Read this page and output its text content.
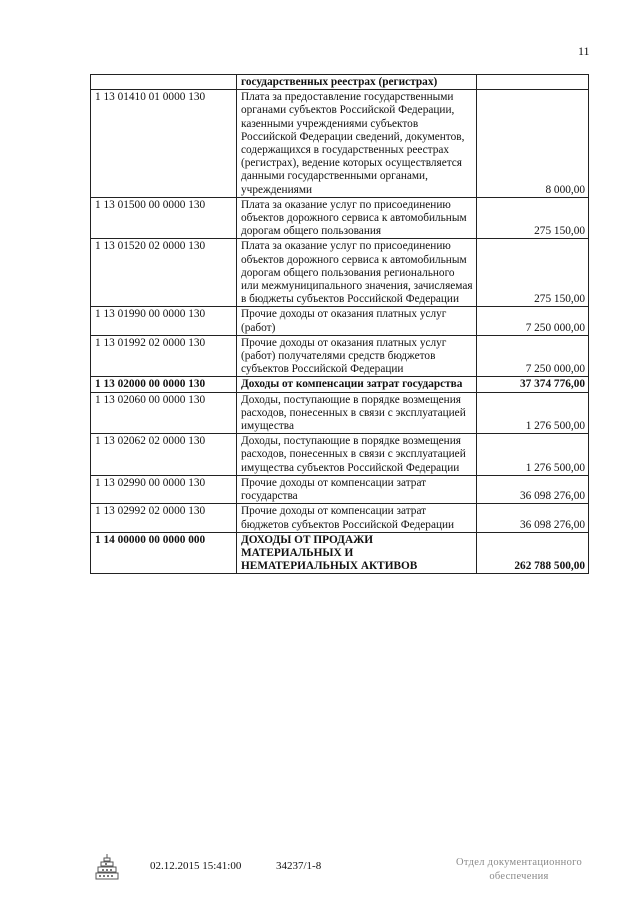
11
	государственных реестрах (регистрах)	
1 13 01410 01 0000 130	Плата за предоставление государственными органами субъектов Российской Федерации, казенными учреждениями субъектов Российской Федерации сведений, документов, содержащихся в государственных реестрах (регистрах), ведение которых осуществляется данными государственными органами, учреждениями	8 000,00
1 13 01500 00 0000 130	Плата за оказание услуг по присоединению объектов дорожного сервиса к автомобильным дорогам общего пользования	275 150,00
1 13 01520 02 0000 130	Плата за оказание услуг по присоединению объектов дорожного сервиса к автомобильным дорогам общего пользования регионального или межмуниципального значения, зачисляемая в бюджеты субъектов Российской Федерации	275 150,00
1 13 01990 00 0000 130	Прочие доходы от оказания платных услуг (работ)	7 250 000,00
1 13 01992 02 0000 130	Прочие доходы от оказания платных услуг (работ) получателями средств бюджетов субъектов Российской Федерации	7 250 000,00
1 13 02000 00 0000 130	Доходы от компенсации затрат государства	37 374 776,00
1 13 02060 00 0000 130	Доходы, поступающие в порядке возмещения расходов, понесенных в связи с эксплуатацией имущества	1 276 500,00
1 13 02062 02 0000 130	Доходы, поступающие в порядке возмещения расходов, понесенных в связи с эксплуатацией имущества субъектов Российской Федерации	1 276 500,00
1 13 02990 00 0000 130	Прочие доходы от компенсации затрат государства	36 098 276,00
1 13 02992 02 0000 130	Прочие доходы от компенсации затрат бюджетов субъектов Российской Федерации	36 098 276,00
1 14 00000 00 0000 000	ДОХОДЫ ОТ ПРОДАЖИ МАТЕРИАЛЬНЫХ И НЕМАТЕРИАЛЬНЫХ АКТИВОВ	262 788 500,00
02.12.2015 15:41:00	34237/1-8	Отдел документационного
обеспечения
